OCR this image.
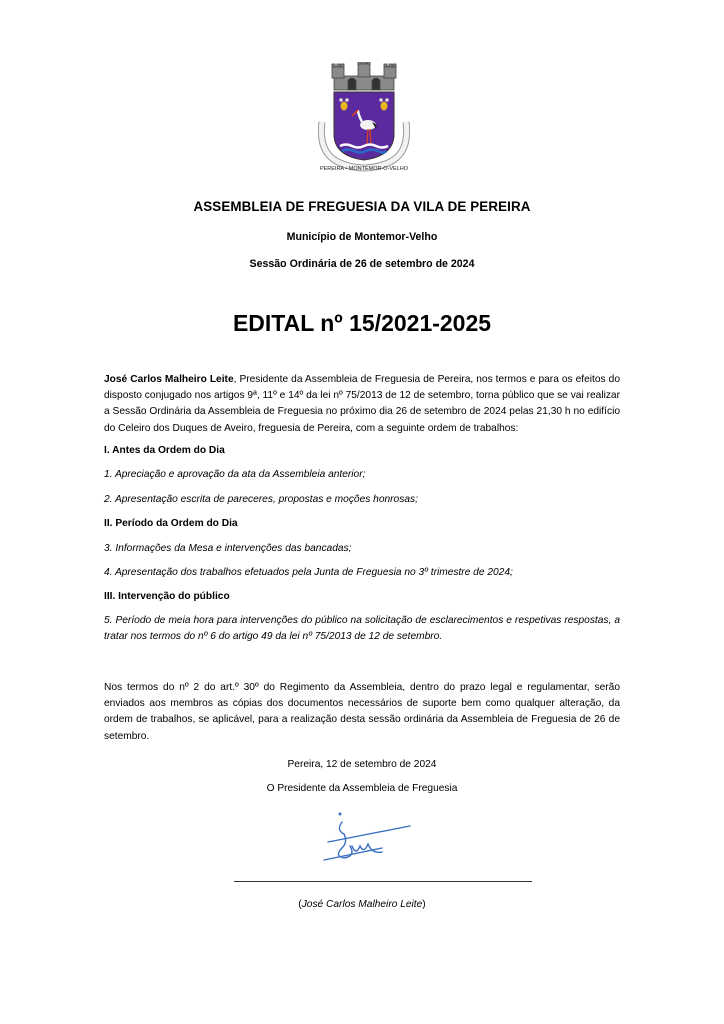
PEREIRA • MONTEMOR-O-VELHO
ASSEMBLEIA DE FREGUESIA DA VILA DE PEREIRA
Município de Montemor-Velho
Sessão Ordinária de 26 de setembro de 2024
EDITAL nº 15/2021-2025
José Carlos Malheiro Leite, Presidente da Assembleia de Freguesia de Pereira, nos termos e para os efeitos do disposto conjugado nos artigos 9ª, 11º e 14º da lei nº 75/2013 de 12 de setembro, torna público que se vai realizar a Sessão Ordinária da Assembleia de Freguesia no próximo dia 26 de setembro de 2024 pelas 21,30 h no edifício do Celeiro dos Duques de Aveiro, freguesia de Pereira, com a seguinte ordem de trabalhos:
I. Antes da Ordem do Dia
1. Apreciação e aprovação da ata da Assembleia anterior;
2. Apresentação escrita de pareceres, propostas e moções honrosas;
II. Período da Ordem do Dia
3. Informações da Mesa e intervenções das bancadas;
4. Apresentação dos trabalhos efetuados pela Junta de Freguesia no 3º trimestre de 2024;
III. Intervenção do público
5. Período de meia hora para intervenções do público na solicitação de esclarecimentos e respetivas respostas, a tratar nos termos do nº 6 do artigo 49 da lei nº 75/2013 de 12 de setembro.
Nos termos do nº 2 do art.º 30º do Regimento da Assembleia, dentro do prazo legal e regulamentar, serão enviados aos membros as cópias dos documentos necessários de suporte bem como qualquer alteração, da ordem de trabalhos, se aplicável, para a realização desta sessão ordinária da Assembleia de Freguesia de 26 de setembro.
Pereira, 12 de setembro de 2024
O Presidente da Assembleia de Freguesia
(José Carlos Malheiro Leite)
